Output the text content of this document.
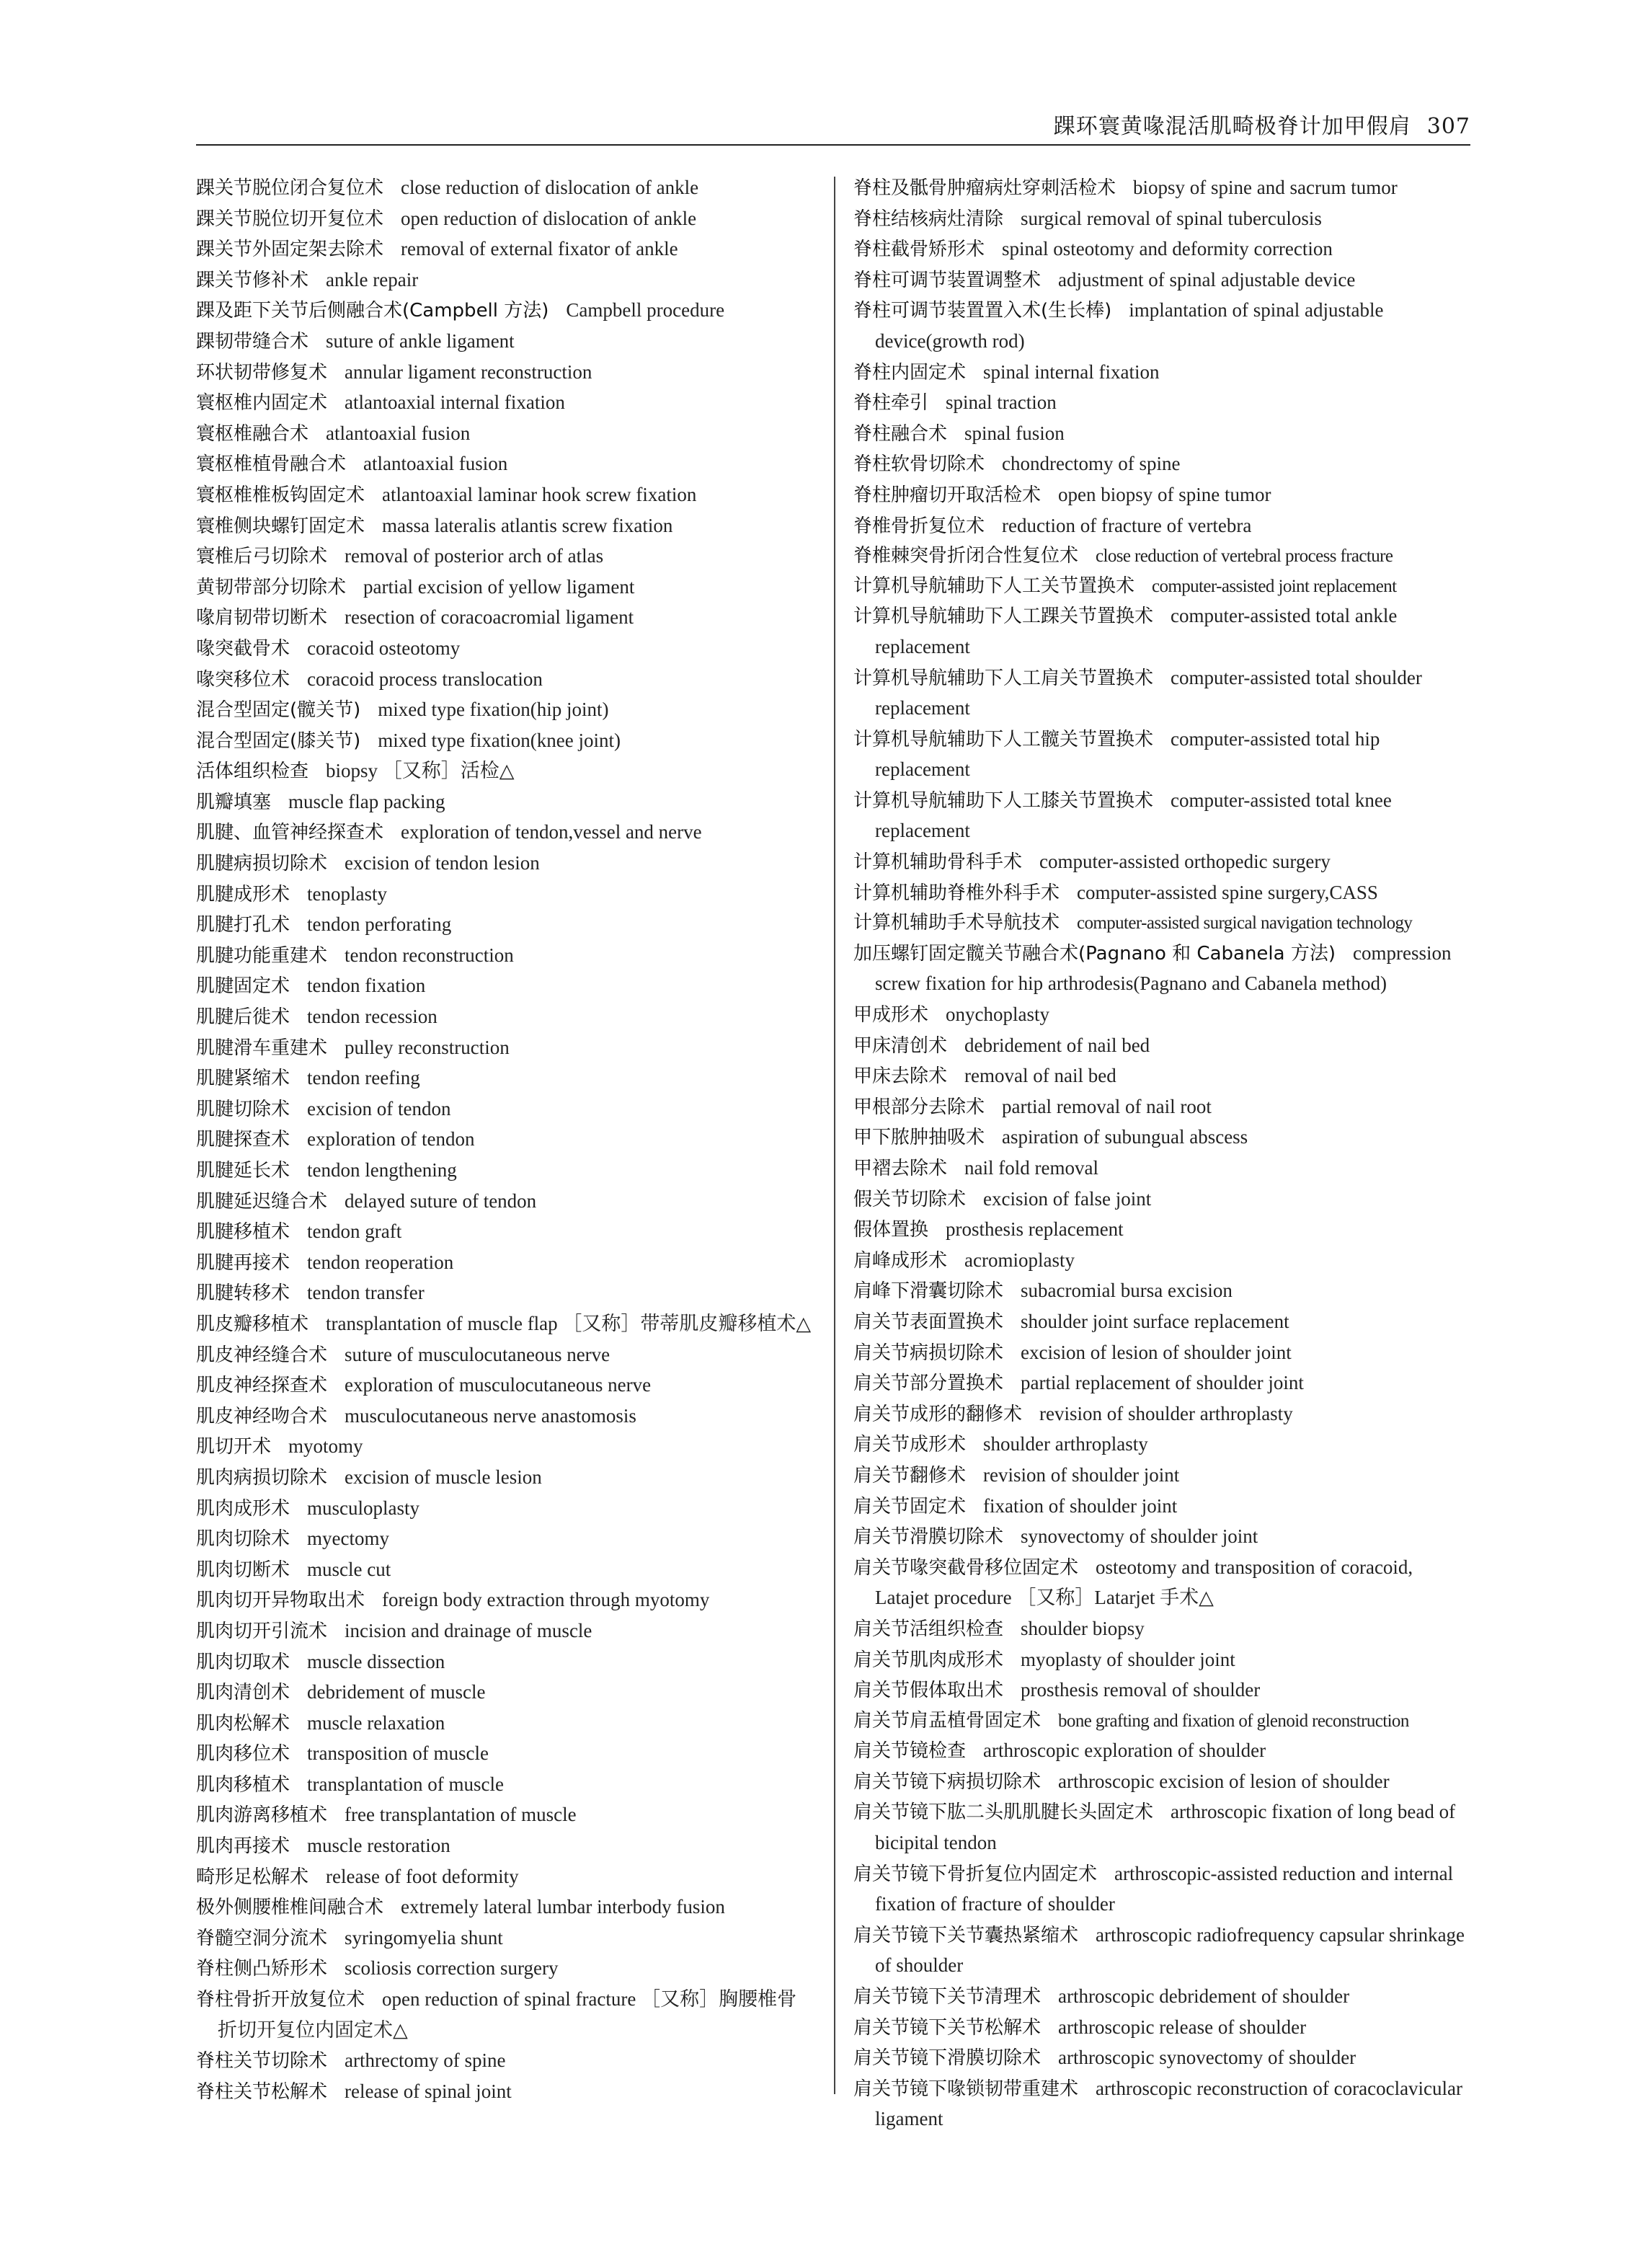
踝环寰黄喙混活肌畸极脊计加甲假肩 307
踝关节脱位闭合复位术 close reduction of dislocation of ankle
踝关节脱位切开复位术 open reduction of dislocation of ankle
踝关节外固定架去除术 removal of external fixator of ankle
踝关节修补术 ankle repair
踝及距下关节后侧融合术(Campbell 方法) Campbell procedure
踝韧带缝合术 suture of ankle ligament
环状韧带修复术 annular ligament reconstruction
寰枢椎内固定术 atlantoaxial internal fixation
寰枢椎融合术 atlantoaxial fusion
寰枢椎植骨融合术 atlantoaxial fusion
寰枢椎椎板钩固定术 atlantoaxial laminar hook screw fixation
寰椎侧块螺钉固定术 massa lateralis atlantis screw fixation
寰椎后弓切除术 removal of posterior arch of atlas
黄韧带部分切除术 partial excision of yellow ligament
喙肩韧带切断术 resection of coracoacromial ligament
喙突截骨术 coracoid osteotomy
喙突移位术 coracoid process translocation
混合型固定(髋关节) mixed type fixation(hip joint)
混合型固定(膝关节) mixed type fixation(knee joint)
活体组织检查 biopsy ［又称］活检△
肌瓣填塞 muscle flap packing
肌腱、血管神经探查术 exploration of tendon,vessel and nerve
肌腱病损切除术 excision of tendon lesion
肌腱成形术 tenoplasty
肌腱打孔术 tendon perforating
肌腱功能重建术 tendon reconstruction
肌腱固定术 tendon fixation
肌腱后徙术 tendon recession
肌腱滑车重建术 pulley reconstruction
肌腱紧缩术 tendon reefing
肌腱切除术 excision of tendon
肌腱探查术 exploration of tendon
肌腱延长术 tendon lengthening
肌腱延迟缝合术 delayed suture of tendon
肌腱移植术 tendon graft
肌腱再接术 tendon reoperation
肌腱转移术 tendon transfer
肌皮瓣移植术 transplantation of muscle flap ［又称］带蒂肌皮瓣移植术△
肌皮神经缝合术 suture of musculocutaneous nerve
肌皮神经探查术 exploration of musculocutaneous nerve
肌皮神经吻合术 musculocutaneous nerve anastomosis
肌切开术 myotomy
肌肉病损切除术 excision of muscle lesion
肌肉成形术 musculoplasty
肌肉切除术 myectomy
肌肉切断术 muscle cut
肌肉切开异物取出术 foreign body extraction through myotomy
肌肉切开引流术 incision and drainage of muscle
肌肉切取术 muscle dissection
肌肉清创术 debridement of muscle
肌肉松解术 muscle relaxation
肌肉移位术 transposition of muscle
肌肉移植术 transplantation of muscle
肌肉游离移植术 free transplantation of muscle
肌肉再接术 muscle restoration
畸形足松解术 release of foot deformity
极外侧腰椎椎间融合术 extremely lateral lumbar interbody fusion
脊髓空洞分流术 syringomyelia shunt
脊柱侧凸矫形术 scoliosis correction surgery
脊柱骨折开放复位术 open reduction of spinal fracture ［又称］胸腰椎骨折切开复位内固定术△
脊柱关节切除术 arthrectomy of spine
脊柱关节松解术 release of spinal joint
脊柱及骶骨肿瘤病灶穿刺活检术 biopsy of spine and sacrum tumor
脊柱结核病灶清除 surgical removal of spinal tuberculosis
脊柱截骨矫形术 spinal osteotomy and deformity correction
脊柱可调节装置调整术 adjustment of spinal adjustable device
脊柱可调节装置置入术(生长棒) implantation of spinal adjustable device(growth rod)
脊柱内固定术 spinal internal fixation
脊柱牵引 spinal traction
脊柱融合术 spinal fusion
脊柱软骨切除术 chondrectomy of spine
脊柱肿瘤切开取活检术 open biopsy of spine tumor
脊椎骨折复位术 reduction of fracture of vertebra
脊椎棘突骨折闭合性复位术 close reduction of vertebral process fracture
计算机导航辅助下人工关节置换术 computer-assisted joint replacement
计算机导航辅助下人工踝关节置换术 computer-assisted total ankle replacement
计算机导航辅助下人工肩关节置换术 computer-assisted total shoulder replacement
计算机导航辅助下人工髋关节置换术 computer-assisted total hip replacement
计算机导航辅助下人工膝关节置换术 computer-assisted total knee replacement
计算机辅助骨科手术 computer-assisted orthopedic surgery
计算机辅助脊椎外科手术 computer-assisted spine surgery,CASS
计算机辅助手术导航技术 computer-assisted surgical navigation technology
加压螺钉固定髋关节融合术(Pagnano 和 Cabanela 方法) compression screw fixation for hip arthrodesis(Pagnano and Cabanela method)
甲成形术 onychoplasty
甲床清创术 debridement of nail bed
甲床去除术 removal of nail bed
甲根部分去除术 partial removal of nail root
甲下脓肿抽吸术 aspiration of subungual abscess
甲褶去除术 nail fold removal
假关节切除术 excision of false joint
假体置换 prosthesis replacement
肩峰成形术 acromioplasty
肩峰下滑囊切除术 subacromial bursa excision
肩关节表面置换术 shoulder joint surface replacement
肩关节病损切除术 excision of lesion of shoulder joint
肩关节部分置换术 partial replacement of shoulder joint
肩关节成形的翻修术 revision of shoulder arthroplasty
肩关节成形术 shoulder arthroplasty
肩关节翻修术 revision of shoulder joint
肩关节固定术 fixation of shoulder joint
肩关节滑膜切除术 synovectomy of shoulder joint
肩关节喙突截骨移位固定术 osteotomy and transposition of coracoid, Latajet procedure ［又称］Latarjet 手术△
肩关节活组织检查 shoulder biopsy
肩关节肌肉成形术 myoplasty of shoulder joint
肩关节假体取出术 prosthesis removal of shoulder
肩关节肩盂植骨固定术 bone grafting and fixation of glenoid reconstruction
肩关节镜检查 arthroscopic exploration of shoulder
肩关节镜下病损切除术 arthroscopic excision of lesion of shoulder
肩关节镜下肱二头肌肌腱长头固定术 arthroscopic fixation of long bead of bicipital tendon
肩关节镜下骨折复位内固定术 arthroscopic-assisted reduction and internal fixation of fracture of shoulder
肩关节镜下关节囊热紧缩术 arthroscopic radiofrequency capsular shrinkage of shoulder
肩关节镜下关节清理术 arthroscopic debridement of shoulder
肩关节镜下关节松解术 arthroscopic release of shoulder
肩关节镜下滑膜切除术 arthroscopic synovectomy of shoulder
肩关节镜下喙锁韧带重建术 arthroscopic reconstruction of coracoclavicular ligament
